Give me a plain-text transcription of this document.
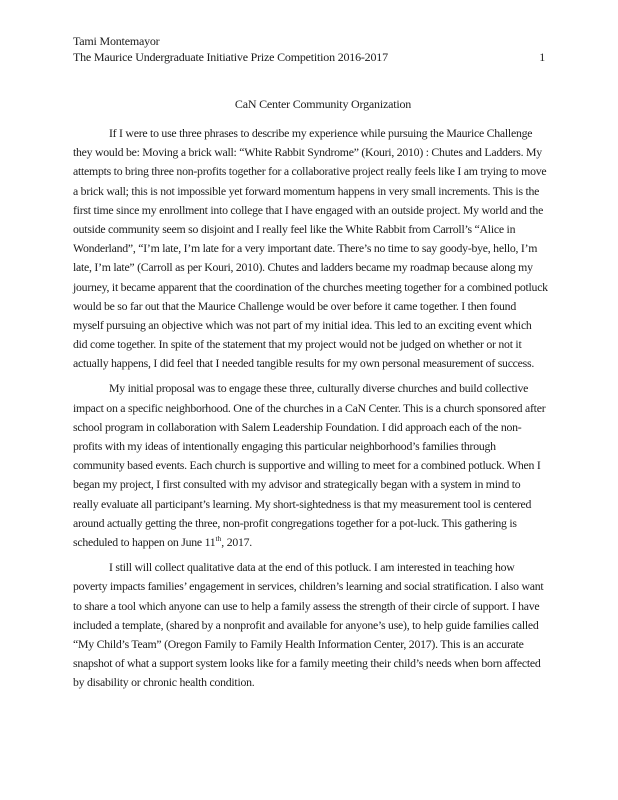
Tami Montemayor
The Maurice Undergraduate Initiative Prize Competition 2016-2017	1
CaN Center Community Organization

If I were to use three phrases to describe my experience while pursuing the Maurice Challenge
they would be: Moving a brick wall: “White Rabbit Syndrome” (Kouri, 2010) : Chutes and Ladders. My
attempts to bring three non-profits together for a collaborative project really feels like I am trying to move
a brick wall; this is not impossible yet forward momentum happens in very small increments. This is the
first time since my enrollment into college that I have engaged with an outside project. My world and the
outside community seem so disjoint and I really feel like the White Rabbit from Carroll’s “Alice in
Wonderland”, “I’m late, I’m late for a very important date. There’s no time to say goody-bye, hello, I’m
late, I’m late” (Carroll as per Kouri, 2010). Chutes and ladders became my roadmap because along my
journey, it became apparent that the coordination of the churches meeting together for a combined potluck
would be so far out that the Maurice Challenge would be over before it came together. I then found
myself pursuing an objective which was not part of my initial idea. This led to an exciting event which
did come together. In spite of the statement that my project would not be judged on whether or not it
actually happens, I did feel that I needed tangible results for my own personal measurement of success.

My initial proposal was to engage these three, culturally diverse churches and build collective
impact on a specific neighborhood. One of the churches in a CaN Center. This is a church sponsored after
school program in collaboration with Salem Leadership Foundation. I did approach each of the non-
profits with my ideas of intentionally engaging this particular neighborhood’s families through
community based events. Each church is supportive and willing to meet for a combined potluck. When I
began my project, I first consulted with my advisor and strategically began with a system in mind to
really evaluate all participant’s learning. My short-sightedness is that my measurement tool is centered
around actually getting the three, non-profit congregations together for a pot-luck. This gathering is
scheduled to happen on June 11th, 2017.

I still will collect qualitative data at the end of this potluck. I am interested in teaching how
poverty impacts families’ engagement in services, children’s learning and social stratification. I also want
to share a tool which anyone can use to help a family assess the strength of their circle of support. I have
included a template, (shared by a nonprofit and available for anyone’s use), to help guide families called
“My Child’s Team” (Oregon Family to Family Health Information Center, 2017). This is an accurate
snapshot of what a support system looks like for a family meeting their child’s needs when born affected
by disability or chronic health condition.
